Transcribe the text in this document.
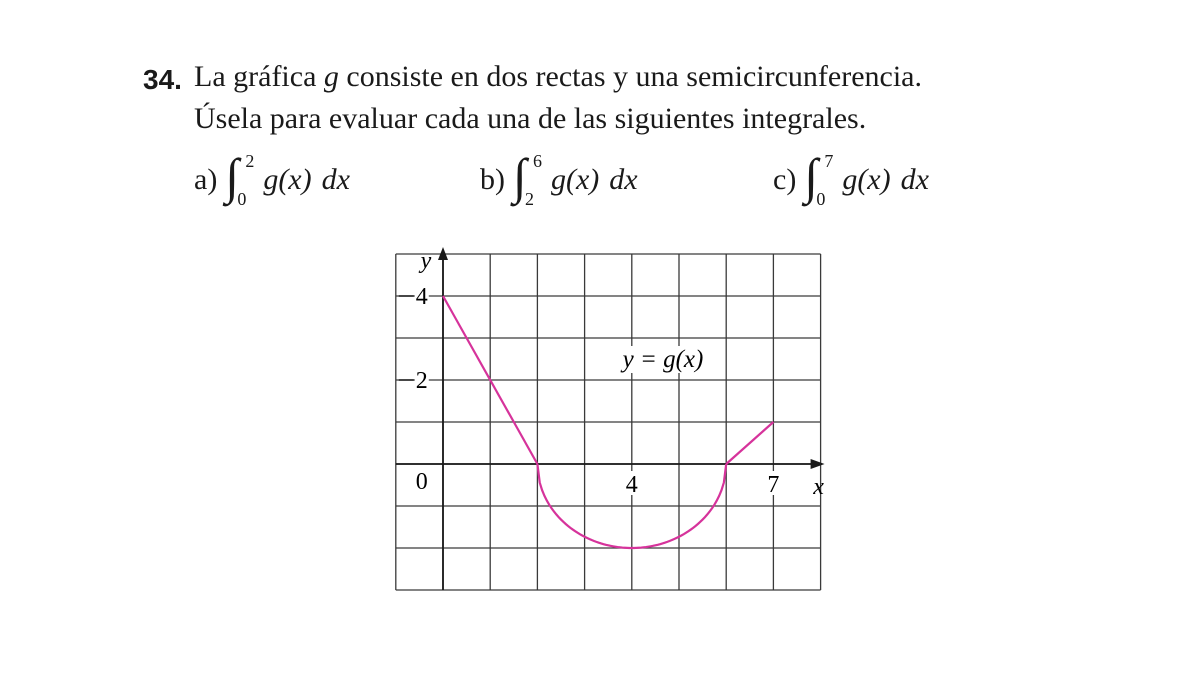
34. La gráfica g consiste en dos rectas y una semicircunferencia.
Úsela para evaluar cada una de las siguientes integrales.
a) ∫ 2
0
g(x) dx	b) ∫ 6
2
g(x) dx	c) ∫ 7
0
g(x) dx
4
2
4	7
0
y
x
y = g(x)
